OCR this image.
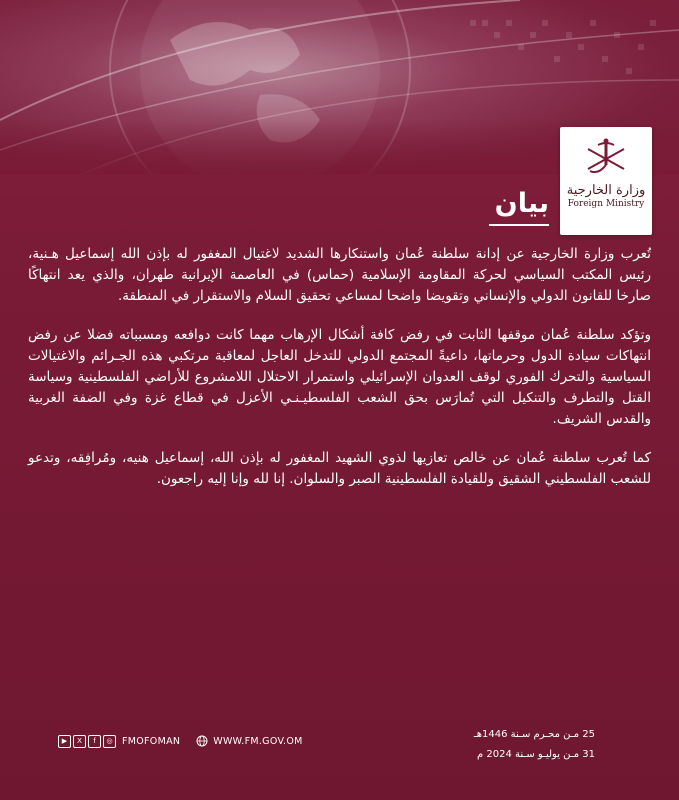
وزارة الخارجية
Foreign Ministry
بيان

تُعرب وزارة الخارجية عن إدانة سلطنة عُمان واستنكارها الشديد لاغتيال المغفور له بإذن الله إسماعيل هـنية، رئيس المكتب السياسي لحركة المقاومة الإسلامية (حماس) في العاصمة الإيرانية طهران، والذي يعد انتهاكًا صارخا للقانون الدولي والإنساني وتقويضا واضحا لمساعي تحقيق السلام والاستقرار في المنطقة.

وتؤكد سلطنة عُمان موقفها الثابت في رفض كافة أشكال الإرهاب مهما كانت دوافعه ومسبباته فضلا عن رفض انتهاكات سيادة الدول وحرماتها، داعيةً المجتمع الدولي للتدخل العاجل لمعاقبة مرتكبي هذه الجـرائم والاغتيالات السياسية والتحرك الفوري لوقف العدوان الإسرائيلي واستمرار الاحتلال اللامشروع للأراضي الفلسطينية وسياسة القتل والتطرف والتنكيل التي تُمارَس بحق الشعب الفلسطيـنـي الأعزل في قطاع غزة وفي الضفة الغربية والقدس الشريف.

كما تُعرب سلطنة عُمان عن خالص تعازيها لذوي الشهيد المغفور له بإذن الله، إسماعيل هنيه، ومُرافِقه، وتدعو للشعب الفلسطيني الشقيق وللقيادة الفلسطينية الصبر والسلوان. إنا لله وإنا إليه راجعون.

25 مـن محـرم سـنة 1446هـ
31 مـن يوليـو سـنة 2024 م
▶	X	f	◎ FMOFOMAN	WWW.FM.GOV.OM
